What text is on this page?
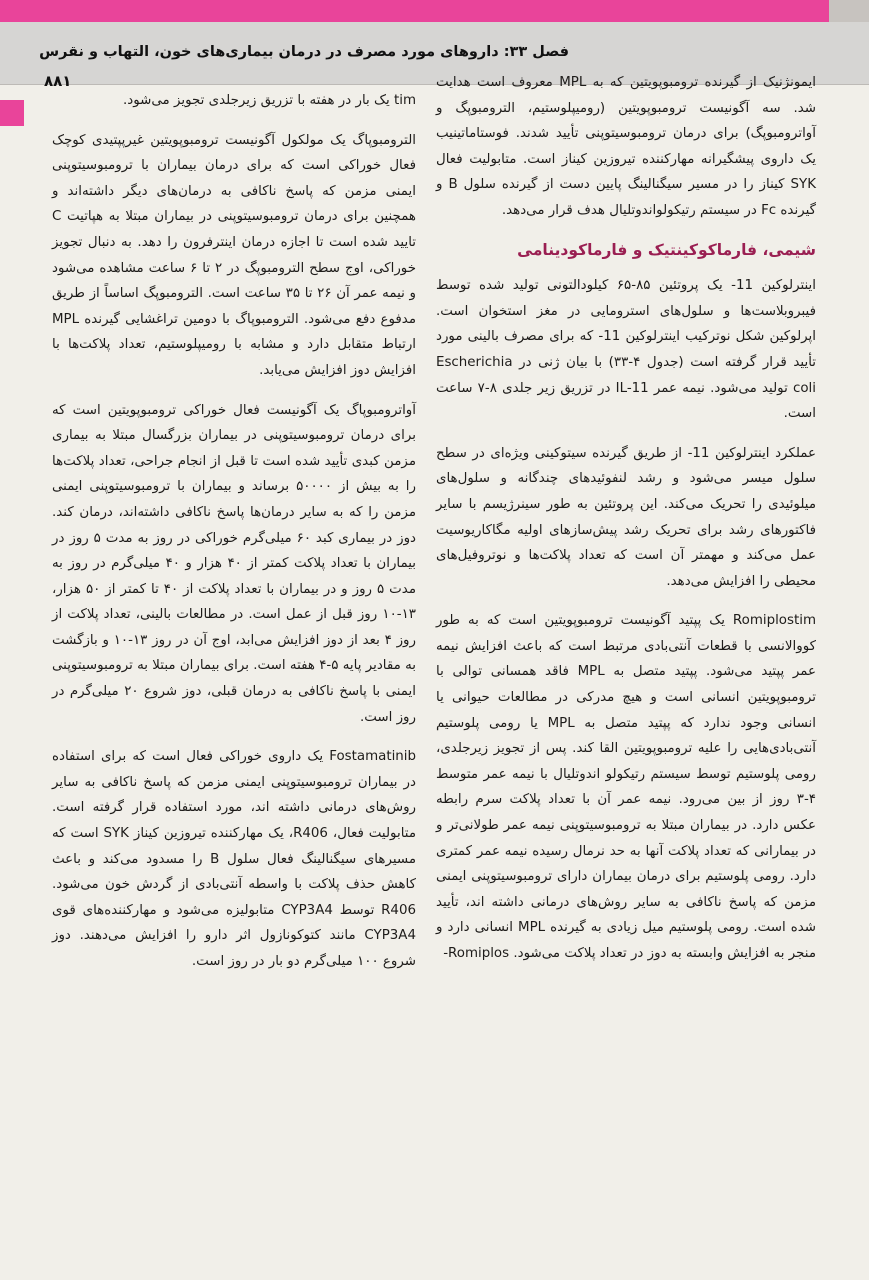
فصل ۳۳: داروهای مورد مصرف در درمان بیماری‌های خون، التهاب و نقرس
۸۸۱	ایمونژنیک از گیرنده ترومبوپویتین که به MPL معروف است هدایت شد. سه آگونیست ترومبوپویتین (رومیپلوستیم، الترومبوپگ و آواترومبوپگ) برای درمان ترومبوسیتوپنی تأیید شدند. فوستاماتینیب یک داروی پیشگیرانه مهارکننده تیروزین کیناز است. متابولیت فعال SYK کیناز را در مسیر سیگنالینگ پایین دست از گیرنده سلول B و گیرنده Fc در سیستم رتیکولواندوتلیال هدف قرار می‌دهد.

شیمی، فارماکوکینتیک و فارماکودینامی

اینترلوکین ‎-11 یک پروتئین ۸۵-۶۵ کیلودالتونی تولید شده توسط فیبروبلاست‌ها و سلول‌های استرومایی در مغز استخوان است. اپرلوکین شکل نوترکیب اینترلوکین ‎-11 که برای مصرف بالینی مورد تأیید قرار گرفته است (جدول ۴-۳۳) با بیان ژنی در Escherichia coli تولید می‌شود. نیمه عمر IL-11 در تزریق زیر جلدی ۸-۷ ساعت است.

عملکرد اینترلوکین ‎-11 از طریق گیرنده سیتوکینی ویژه‌ای در سطح سلول میسر می‌شود و رشد لنفوئیدهای چندگانه و سلول‌های میلوئیدی را تحریک می‌کند. این پروتئین به طور سینرژیسم با سایر فاکتورهای رشد برای تحریک رشد پیش‌سازهای اولیه مگاکاریوسیت عمل می‌کند و مهمتر آن است که تعداد پلاکت‌ها و نوتروفیل‌های محیطی را افزایش می‌دهد.

Romiplostim یک پپتید آگونیست ترومبوپویتین است که به طور کووالانسی با قطعات آنتی‌بادی مرتبط است که باعث افزایش نیمه عمر پپتید می‌شود. پپتید متصل به MPL فاقد همسانی توالی با ترومبوپویتین انسانی است و هیچ مدرکی در مطالعات حیوانی یا انسانی وجود ندارد که پپتید متصل به MPL یا رومی پلوستیم آنتی‌بادی‌هایی را علیه ترومبوپویتین القا کند. پس از تجویز زیرجلدی، رومی پلوستیم توسط سیستم رتیکولو اندوتلیال با نیمه عمر متوسط ۴-۳ روز از بین می‌رود. نیمه عمر آن با تعداد پلاکت سرم رابطه عکس دارد. در بیماران مبتلا به ترومبوسیتوپنی نیمه عمر طولانی‌تر و در بیمارانی که تعداد پلاکت آنها به حد نرمال رسیده نیمه عمر کمتری دارد. رومی پلوستیم برای درمان بیماران دارای ترومبوسیتوپنی ایمنی مزمن که پاسخ ناکافی به سایر روش‌های درمانی داشته اند، تأیید شده است. رومی پلوستیم میل زیادی به گیرنده MPL انسانی دارد و منجر به افزایش وابسته به دوز در تعداد پلاکت می‌شود. Romiplos-

tim یک بار در هفته با تزریق زیرجلدی تجویز می‌شود.

الترومبوپاگ یک مولکول آگونیست ترومبوپویتین غیرپپتیدی کوچک فعال خوراکی است که برای درمان بیماران با ترومبوسیتوپنی ایمنی مزمن که پاسخ ناکافی به درمان‌های دیگر داشته‌اند و همچنین برای درمان ترومبوسیتوپنی در بیماران مبتلا به هپاتیت C تایید شده است تا اجازه درمان اینترفرون را دهد. به دنبال تجویز خوراکی، اوج سطح الترومبوپگ در ۲ تا ۶ ساعت مشاهده می‌شود و نیمه عمر آن ۲۶ تا ۳۵ ساعت است. الترومبوپگ اساساً از طریق مدفوع دفع می‌شود. الترومبوپاگ با دومین تراغشایی گیرنده MPL ارتباط متقابل دارد و مشابه با رومیپلوستیم، تعداد پلاکت‌ها با افزایش دوز افزایش می‌یابد.

آواترومبوپاگ یک آگونیست فعال خوراکی ترومبوپویتین است که برای درمان ترومبوسیتوپنی در بیماران بزرگسال مبتلا به بیماری مزمن کبدی تأیید شده است تا قبل از انجام جراحی، تعداد پلاکت‌ها را به بیش از ۵۰۰۰۰ برساند و بیماران با ترومبوسیتوپنی ایمنی مزمن را که به سایر درمان‌ها پاسخ ناکافی داشته‌اند، درمان کند. دوز در بیماری کبد ۶۰ میلی‌گرم خوراکی در روز به مدت ۵ روز در بیماران با تعداد پلاکت کمتر از ۴۰ هزار و ۴۰ میلی‌گرم در روز به مدت ۵ روز و در بیماران با تعداد پلاکت از ۴۰ تا کمتر از ۵۰ هزار، ۱۳-۱۰ روز قبل از عمل است. در مطالعات بالینی، تعداد پلاکت از روز ۴ بعد از دوز افزایش می‌ابد، اوج آن در روز ۱۳-۱۰ و بازگشت به مقادیر پایه ۵-۴ هفته است. برای بیماران مبتلا به ترومبوسیتوپنی ایمنی با پاسخ ناکافی به درمان قبلی، دوز شروع ۲۰ میلی‌گرم در روز است.

Fostamatinib یک داروی خوراکی فعال است که برای استفاده در بیماران ترومبوسیتوپنی ایمنی مزمن که پاسخ ناکافی به سایر روش‌های درمانی داشته اند، مورد استفاده قرار گرفته است. متابولیت فعال، R406، یک مهارکننده تیروزین کیناز SYK است که مسیرهای سیگنالینگ فعال سلول B را مسدود می‌کند و باعث کاهش حذف پلاکت با واسطه آنتی‌بادی از گردش خون می‌شود. R406 توسط CYP3A4 متابولیزه می‌شود و مهارکننده‌های قوی CYP3A4 مانند کتوکونازول اثر دارو را افزایش می‌دهند. دوز شروع ۱۰۰ میلی‌گرم دو بار در روز است.
